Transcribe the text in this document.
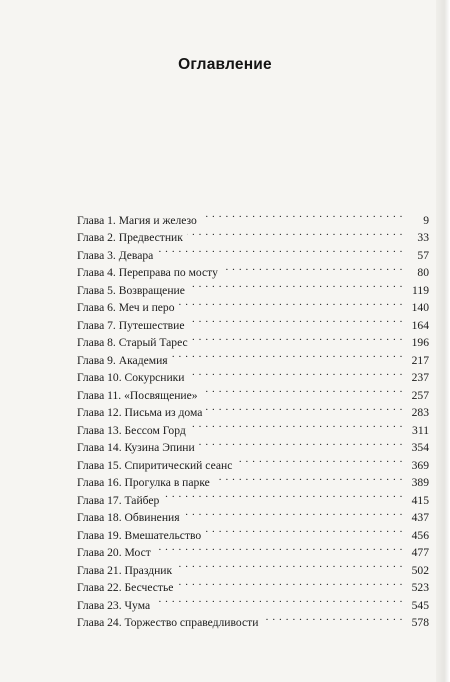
Оглавление
Глава 1. Магия и железо . . .	9
Глава 2. Предвестник . . .	33
Глава 3. Девара . . .	57
Глава 4. Переправа по мосту . . .	80
Глава 5. Возвращение . . .	119
Глава 6. Меч и перо . . .	140
Глава 7. Путешествие . . .	164
Глава 8. Старый Тарес . . .	196
Глава 9. Академия . . .	217
Глава 10. Сокурсники . . .	237
Глава 11. «Посвящение» . . .	257
Глава 12. Письма из дома . . .	283
Глава 13. Бессом Горд . . .	311
Глава 14. Кузина Эпини . . .	354
Глава 15. Спиритический сеанс . . .	369
Глава 16. Прогулка в парке . . .	389
Глава 17. Тайбер . . .	415
Глава 18. Обвинения . . .	437
Глава 19. Вмешательство . . .	456
Глава 20. Мост . . .	477
Глава 21. Праздник . . .	502
Глава 22. Бесчестье . . .	523
Глава 23. Чума . . .	545
Глава 24. Торжество справедливости . . .	578
